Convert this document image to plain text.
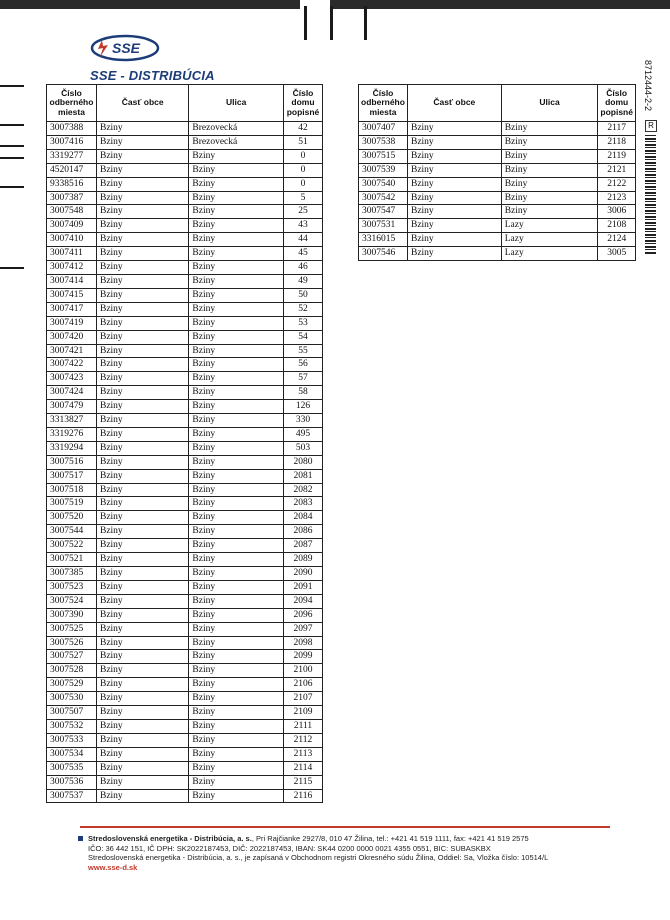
SSE
SSE - DISTRIBÚCIA
Číslo odberného miesta	Časť obce	Ulica	Číslo domu popisné
3007388	Bziny	Brezovecká	42
3007416	Bziny	Brezovecká	51
3319277	Bziny	Bziny	0
4520147	Bziny	Bziny	0
9338516	Bziny	Bziny	0
3007387	Bziny	Bziny	5
3007548	Bziny	Bziny	25
3007409	Bziny	Bziny	43
3007410	Bziny	Bziny	44
3007411	Bziny	Bziny	45
3007412	Bziny	Bziny	46
3007414	Bziny	Bziny	49
3007415	Bziny	Bziny	50
3007417	Bziny	Bziny	52
3007419	Bziny	Bziny	53
3007420	Bziny	Bziny	54
3007421	Bziny	Bziny	55
3007422	Bziny	Bziny	56
3007423	Bziny	Bziny	57
3007424	Bziny	Bziny	58
3007479	Bziny	Bziny	126
3313827	Bziny	Bziny	330
3319276	Bziny	Bziny	495
3319294	Bziny	Bziny	503
3007516	Bziny	Bziny	2080
3007517	Bziny	Bziny	2081
3007518	Bziny	Bziny	2082
3007519	Bziny	Bziny	2083
3007520	Bziny	Bziny	2084
3007544	Bziny	Bziny	2086
3007522	Bziny	Bziny	2087
3007521	Bziny	Bziny	2089
3007385	Bziny	Bziny	2090
3007523	Bziny	Bziny	2091
3007524	Bziny	Bziny	2094
3007390	Bziny	Bziny	2096
3007525	Bziny	Bziny	2097
3007526	Bziny	Bziny	2098
3007527	Bziny	Bziny	2099
3007528	Bziny	Bziny	2100
3007529	Bziny	Bziny	2106
3007530	Bziny	Bziny	2107
3007507	Bziny	Bziny	2109
3007532	Bziny	Bziny	2111
3007533	Bziny	Bziny	2112
3007534	Bziny	Bziny	2113
3007535	Bziny	Bziny	2114
3007536	Bziny	Bziny	2115
3007537	Bziny	Bziny	2116
Číslo odberného miesta	Časť obce	Ulica	Číslo domu popisné
3007407	Bziny	Bziny	2117
3007538	Bziny	Bziny	2118
3007515	Bziny	Bziny	2119
3007539	Bziny	Bziny	2121
3007540	Bziny	Bziny	2122
3007542	Bziny	Bziny	2123
3007547	Bziny	Bziny	3006
3007531	Bziny	Lazy	2108
3316015	Bziny	Lazy	2124
3007546	Bziny	Lazy	3005
8712444-2-2
R
Stredoslovenská energetika - Distribúcia, a. s., Pri Rajčianke 2927/8, 010 47 Žilina, tel.: +421 41 519 1111, fax: +421 41 519 2575
IČO: 36 442 151, IČ DPH: SK2022187453, DIČ: 2022187453, IBAN: SK44 0200 0000 0021 4355 0551, BIC: SUBASKBX
Stredoslovenská energetika - Distribúcia, a. s., je zapísaná v Obchodnom registri Okresného súdu Žilina, Oddiel: Sa, Vložka číslo: 10514/L
www.sse-d.sk
